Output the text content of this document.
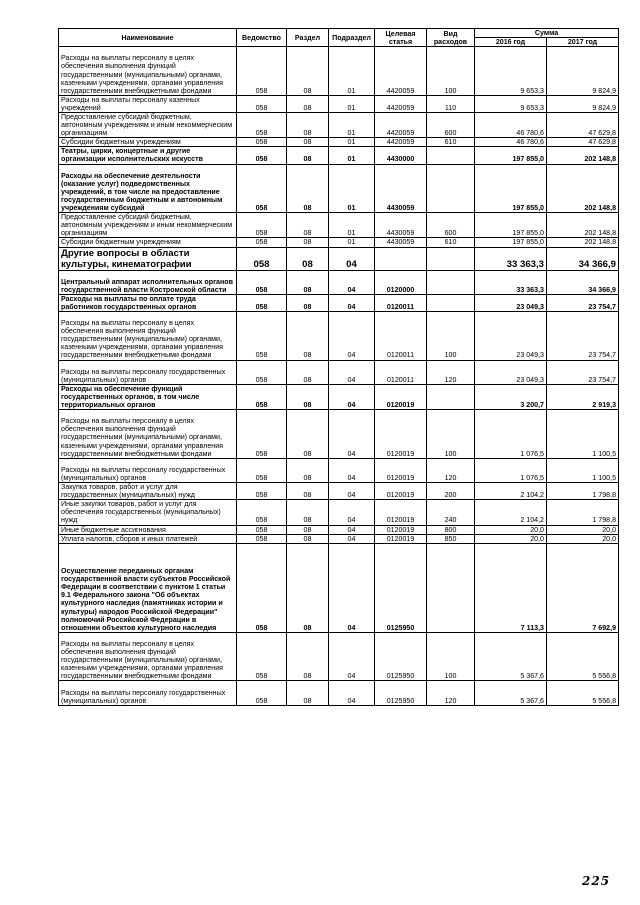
Наименование	Ведомство	Раздел	Подраздел	Целевая статья	Вид расходов	Сумма	
						2016 год	2017 год
Расходы на выплаты персоналу в целях обеспечения выполнения функций государственными (муниципальными) органами, казенными учреждениями, органами управления государственными внебюджетными фондами	058	08	01	4420059	100	9 653,3	9 824,9
Расходы на выплаты персоналу казенных учреждений	058	08	01	4420059	110	9 653,3	9 824,9
Предоставление субсидий бюджетным, автономным учреждениям и иным некоммерческим организациям	058	08	01	4420059	600	46 780,6	47 629,8
Субсидии бюджетным учреждениям	058	08	01	4420059	610	46 780,6	47 629,8
Театры, цирки, концертные и другие организации исполнительских искусств	058	08	01	4430000		197 855,0	202 148,8
Расходы на обеспечение деятельности (оказание услуг) подведомственных учреждений, в том числе на предоставление государственным бюджетным и автономным учреждениям субсидий	058	08	01	4430059		197 855,0	202 148,8
Предоставление субсидий бюджетным, автономным учреждениям и иным некоммерческим организациям	058	08	01	4430059	600	197 855,0	202 148,8
Субсидии бюджетным учреждениям	058	08	01	4430059	610	197 855,0	202 148,8
Другие вопросы в области культуры, кинематографии	058	08	04			33 363,3	34 366,9
Центральный аппарат исполнительных органов государственной власти Костромской области	058	08	04	0120000		33 363,3	34 366,9
Расходы на выплаты по оплате труда работников государственных органов	058	08	04	0120011		23 049,3	23 754,7
Расходы на выплаты персоналу в целях обеспечения выполнения функций государственными (муниципальными) органами, казенными учреждениями, органами управления государственными внебюджетными фондами	058	08	04	0120011	100	23 049,3	23 754,7
Расходы на выплаты персоналу государственных (муниципальных) органов	058	08	04	0120011	120	23 049,3	23 754,7
Расходы на обеспечение функций государственных органов, в том числе территориальных органов	058	08	04	0120019		3 200,7	2 919,3
Расходы на выплаты персоналу в целях обеспечения выполнения функций государственными (муниципальными) органами, казенными учреждениями, органами управления государственными внебюджетными фондами	058	08	04	0120019	100	1 076,5	1 100,5
Расходы на выплаты персоналу государственных (муниципальных) органов	058	08	04	0120019	120	1 076,5	1 100,5
Закупка товаров, работ и услуг для государственных (муниципальных) нужд	058	08	04	0120019	200	2 104,2	1 798,8
Иные закупки товаров, работ и услуг для обеспечения государственных (муниципальных) нужд	058	08	04	0120019	240	2 104,2	1 798,8
Иные бюджетные ассигнования	058	08	04	0120019	800	20,0	20,0
Уплата налогов, сборов и иных платежей	058	08	04	0120019	850	20,0	20,0
Осуществление переданных органам государственной власти субъектов Российской Федерации в соответствии с пунктом 1 статьи 9.1 Федерального закона "Об объектах культурного наследия (памятниках истории и культуры) народов Российской Федерации" полномочий Российской Федерации в отношении объектов культурного наследия	058	08	04	0125950		7 113,3	7 692,9
Расходы на выплаты персоналу в целях обеспечения выполнения функций государственными (муниципальными) органами, казенными учреждениями, органами управления государственными внебюджетными фондами	058	08	04	0125950	100	5 367,6	5 556,8
Расходы на выплаты персоналу государственных (муниципальных) органов	058	08	04	0125950	120	5 367,6	5 556,8
225
